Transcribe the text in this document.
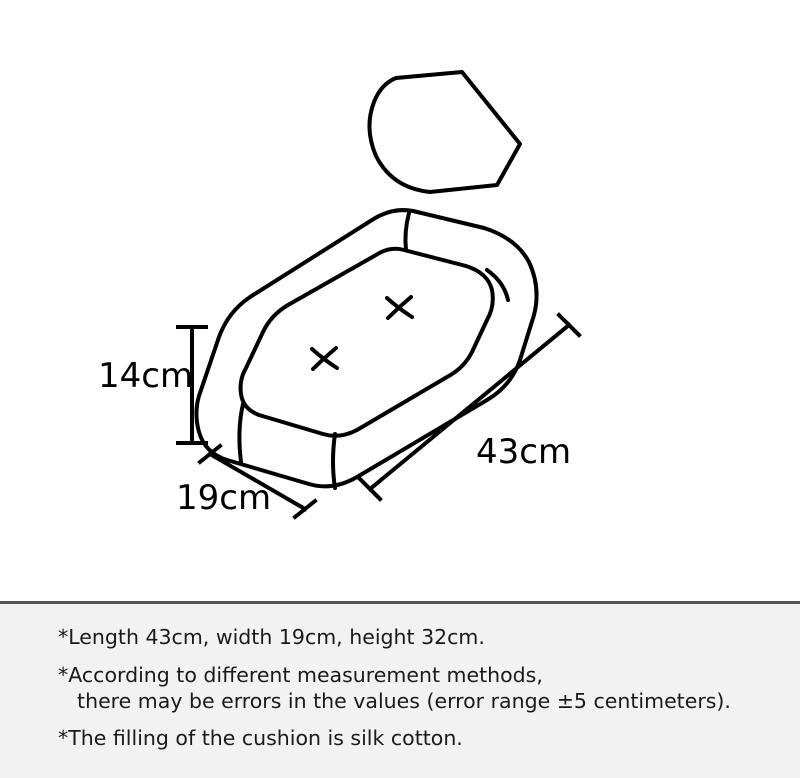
14cm
19cm
43cm
*Length 43cm, width 19cm, height 32cm.
*According to different measurement methods,
there may be errors in the values (error range ±5 centimeters).
*The filling of the cushion is silk cotton.
